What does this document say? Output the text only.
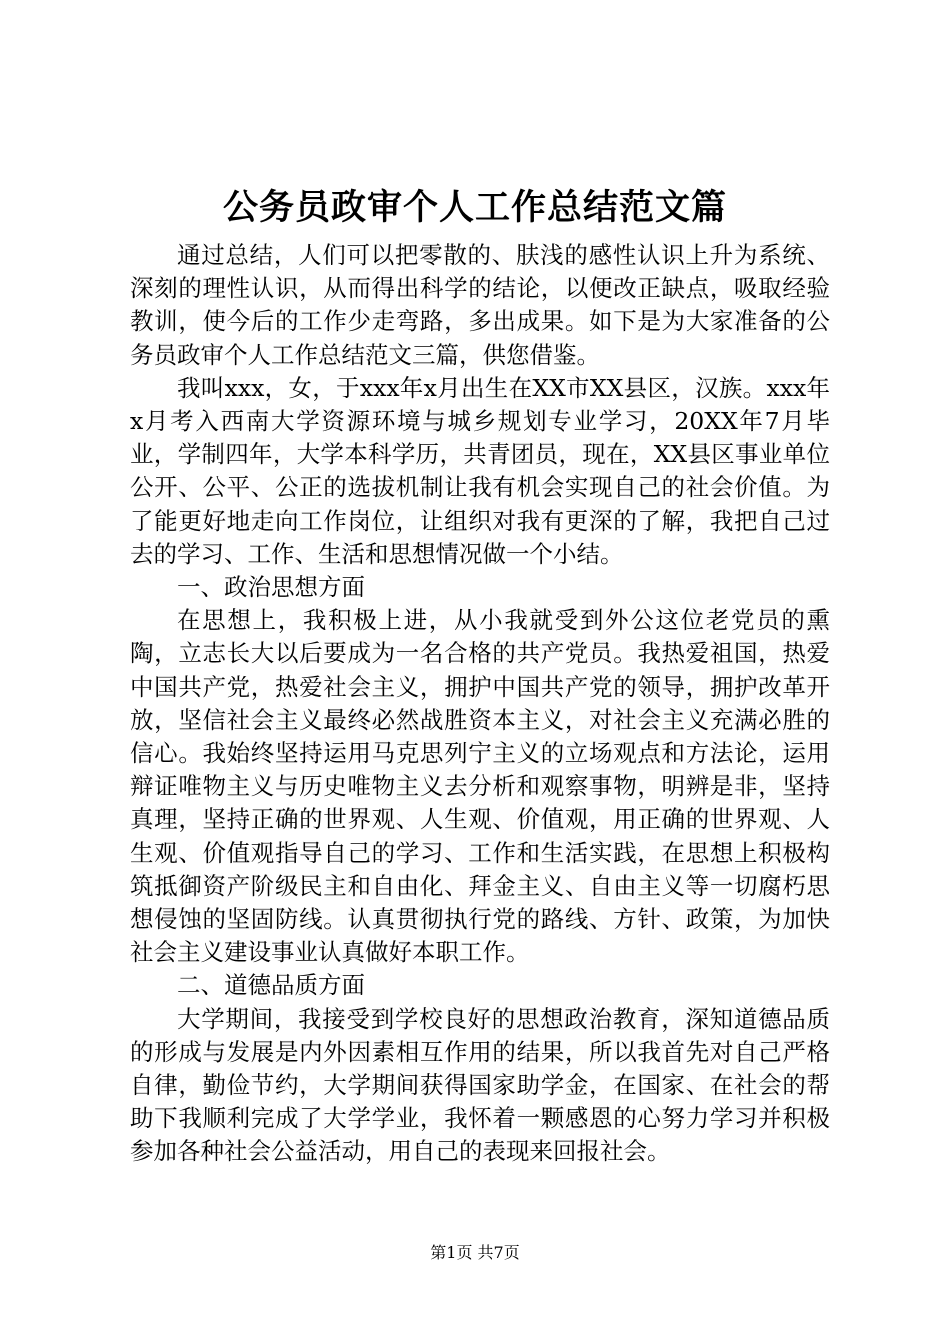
公务员政审个人工作总结范文篇

通过总结，人们可以把零散的、肤浅的感性认识上升为系统、深刻的理性认识，从而得出科学的结论，以便改正缺点，吸取经验教训，使今后的工作少走弯路，多出成果。如下是为大家准备的公务员政审个人工作总结范文三篇，供您借鉴。

我叫xxx，女，于xxx年x月出生在XX市XX县区，汉族。xxx年x月考入西南大学资源环境与城乡规划专业学习，20XX年7月毕业，学制四年，大学本科学历，共青团员，现在，XX县区事业单位公开、公平、公正的选拔机制让我有机会实现自己的社会价值。为了能更好地走向工作岗位，让组织对我有更深的了解，我把自己过去的学习、工作、生活和思想情况做一个小结。

一、政治思想方面

在思想上，我积极上进，从小我就受到外公这位老党员的熏陶，立志长大以后要成为一名合格的共产党员。我热爱祖国，热爱中国共产党，热爱社会主义，拥护中国共产党的领导，拥护改革开放，坚信社会主义最终必然战胜资本主义，对社会主义充满必胜的信心。我始终坚持运用马克思列宁主义的立场观点和方法论，运用辩证唯物主义与历史唯物主义去分析和观察事物，明辨是非，坚持真理，坚持正确的世界观、人生观、价值观，用正确的世界观、人生观、价值观指导自己的学习、工作和生活实践，在思想上积极构筑抵御资产阶级民主和自由化、拜金主义、自由主义等一切腐朽思想侵蚀的坚固防线。认真贯彻执行党的路线、方针、政策，为加快社会主义建设事业认真做好本职工作。

二、道德品质方面

大学期间，我接受到学校良好的思想政治教育，深知道德品质的形成与发展是内外因素相互作用的结果，所以我首先对自己严格自律，勤俭节约，大学期间获得国家助学金，在国家、在社会的帮助下我顺利完成了大学学业，我怀着一颗感恩的心努力学习并积极参加各种社会公益活动，用自己的表现来回报社会。

第1页 共7页
